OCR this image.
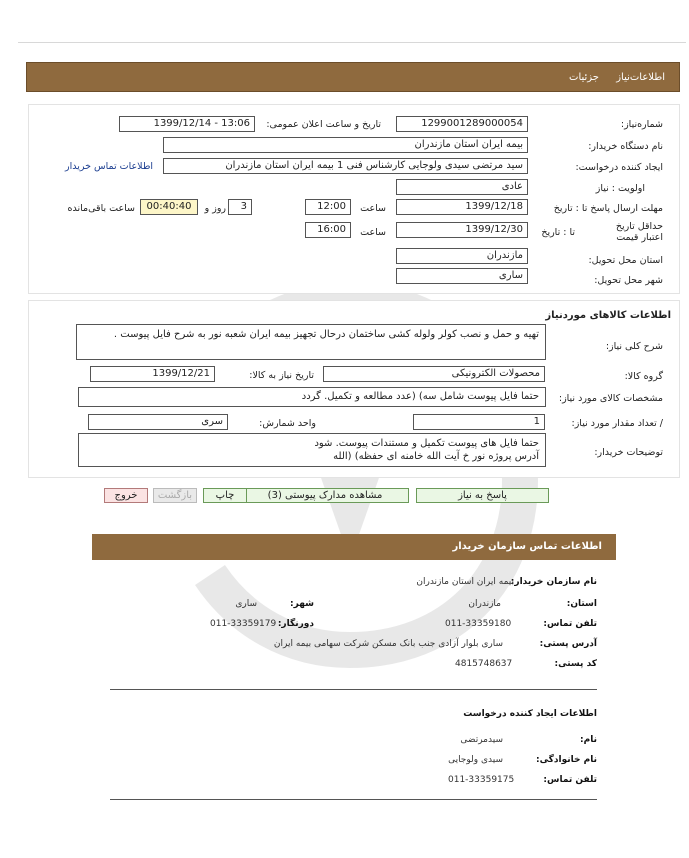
اطلاعات‌نیاز جزئیات
شماره‌نیاز:
1299001289000054
تاریخ و ساعت اعلان عمومی:
1399/12/14 - 13:06
نام دستگاه خریدار:
بیمه ایران استان مازندران
ایجاد کننده درخواست:
سید مرتضی سیدی ولوجایی کارشناس فنی 1 بیمه ایران استان مازندران
اطلاعات تماس خریدار
اولویت : نیاز
عادی
مهلت ارسال پاسخ تا : تاریخ
1399/12/18
ساعت
12:00
3
روز و
00:40:40
ساعت باقی‌مانده
حداقل تاریخ اعتبار قیمت
تا : تاریخ
1399/12/30
ساعت
16:00
استان محل تحویل:
مازندران
شهر محل تحویل:
ساری
اطلاعات کالاهای مورد‌نیاز
شرح کلی نیاز:
تهیه و حمل و نصب کولر ولوله کشی ساختمان درحال تجهیز بیمه ایران شعبه نور به شرح فایل پیوست .
گروه کالا:
محصولات الکترونیکی
تاریخ نیاز به کالا:
1399/12/21
مشخصات کالای مورد نیاز:
حتما فایل پیوست شامل سه) (عدد مطالعه و تکمیل. گردد
/ تعداد مقدار مورد نیاز:
1
واحد شمارش:
سری
توضیحات خریدار:
حتما فایل های پیوست تکمیل و مستندات پیوست. شود
آدرس پروژه نور خ آیت الله خامنه ای حفظه) (الله
پاسخ به نیاز
مشاهده مدارک پیوستی (3)
چاپ
بازگشت
خروج
اطلاعات تماس سازمان خریدار
نام سازمان خریدار:
بیمه ایران استان مازندران
استان:
مازندران
شهر:
ساری
تلفن تماس:
011-33359180
دورنگار:
011-33359179
آدرس پستی:
ساری بلوار آزادی جنب بانک مسکن شرکت سهامی بیمه ایران
کد پستی:
4815748637
اطلاعات ایجاد کننده درخواست
نام:
سیدمرتضی
نام خانوادگی:
سیدی ولوجایی
تلفن تماس:
011-33359175
